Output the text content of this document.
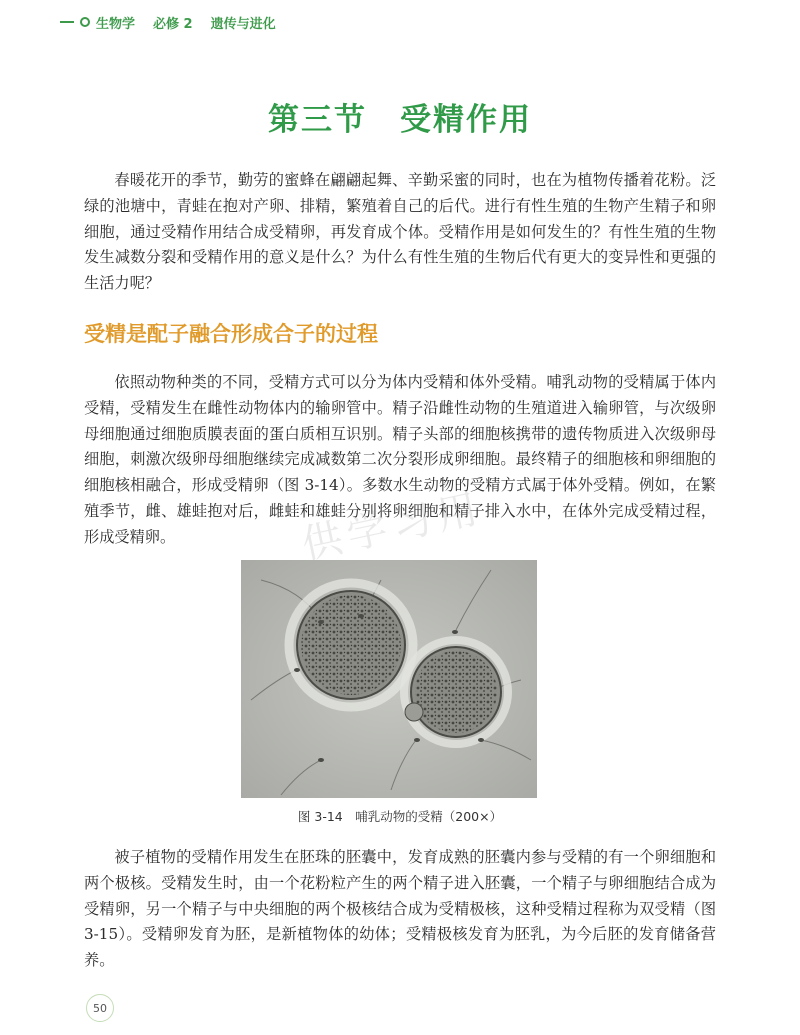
生物学 必修 2 遗传与进化
第三节　受精作用

春暖花开的季节，勤劳的蜜蜂在翩翩起舞、辛勤采蜜的同时，也在为植物传播着花粉。泛绿的池塘中，青蛙在抱对产卵、排精，繁殖着自己的后代。进行有性生殖的生物产生精子和卵细胞，通过受精作用结合成受精卵，再发育成个体。受精作用是如何发生的？有性生殖的生物发生减数分裂和受精作用的意义是什么？为什么有性生殖的生物后代有更大的变异性和更强的生活力呢？

受精是配子融合形成合子的过程

依照动物种类的不同，受精方式可以分为体内受精和体外受精。哺乳动物的受精属于体内受精，受精发生在雌性动物体内的输卵管中。精子沿雌性动物的生殖道进入输卵管，与次级卵母细胞通过细胞质膜表面的蛋白质相互识别。精子头部的细胞核携带的遗传物质进入次级卵母细胞，刺激次级卵母细胞继续完成减数第二次分裂形成卵细胞。最终精子的细胞核和卵细胞的细胞核相融合，形成受精卵（图 3-14）。多数水生动物的受精方式属于体外受精。例如，在繁殖季节，雌、雄蛙抱对后，雌蛙和雄蛙分别将卵细胞和精子排入水中，在体外完成受精过程，形成受精卵。	供学习用
图 3-14　哺乳动物的受精（200×）

被子植物的受精作用发生在胚珠的胚囊中，发育成熟的胚囊内参与受精的有一个卵细胞和两个极核。受精发生时，由一个花粉粒产生的两个精子进入胚囊，一个精子与卵细胞结合成为受精卵，另一个精子与中央细胞的两个极核结合成为受精极核，这种受精过程称为双受精（图 3-15）。受精卵发育为胚，是新植物体的幼体；受精极核发育为胚乳，为今后胚的发育储备营养。

50
